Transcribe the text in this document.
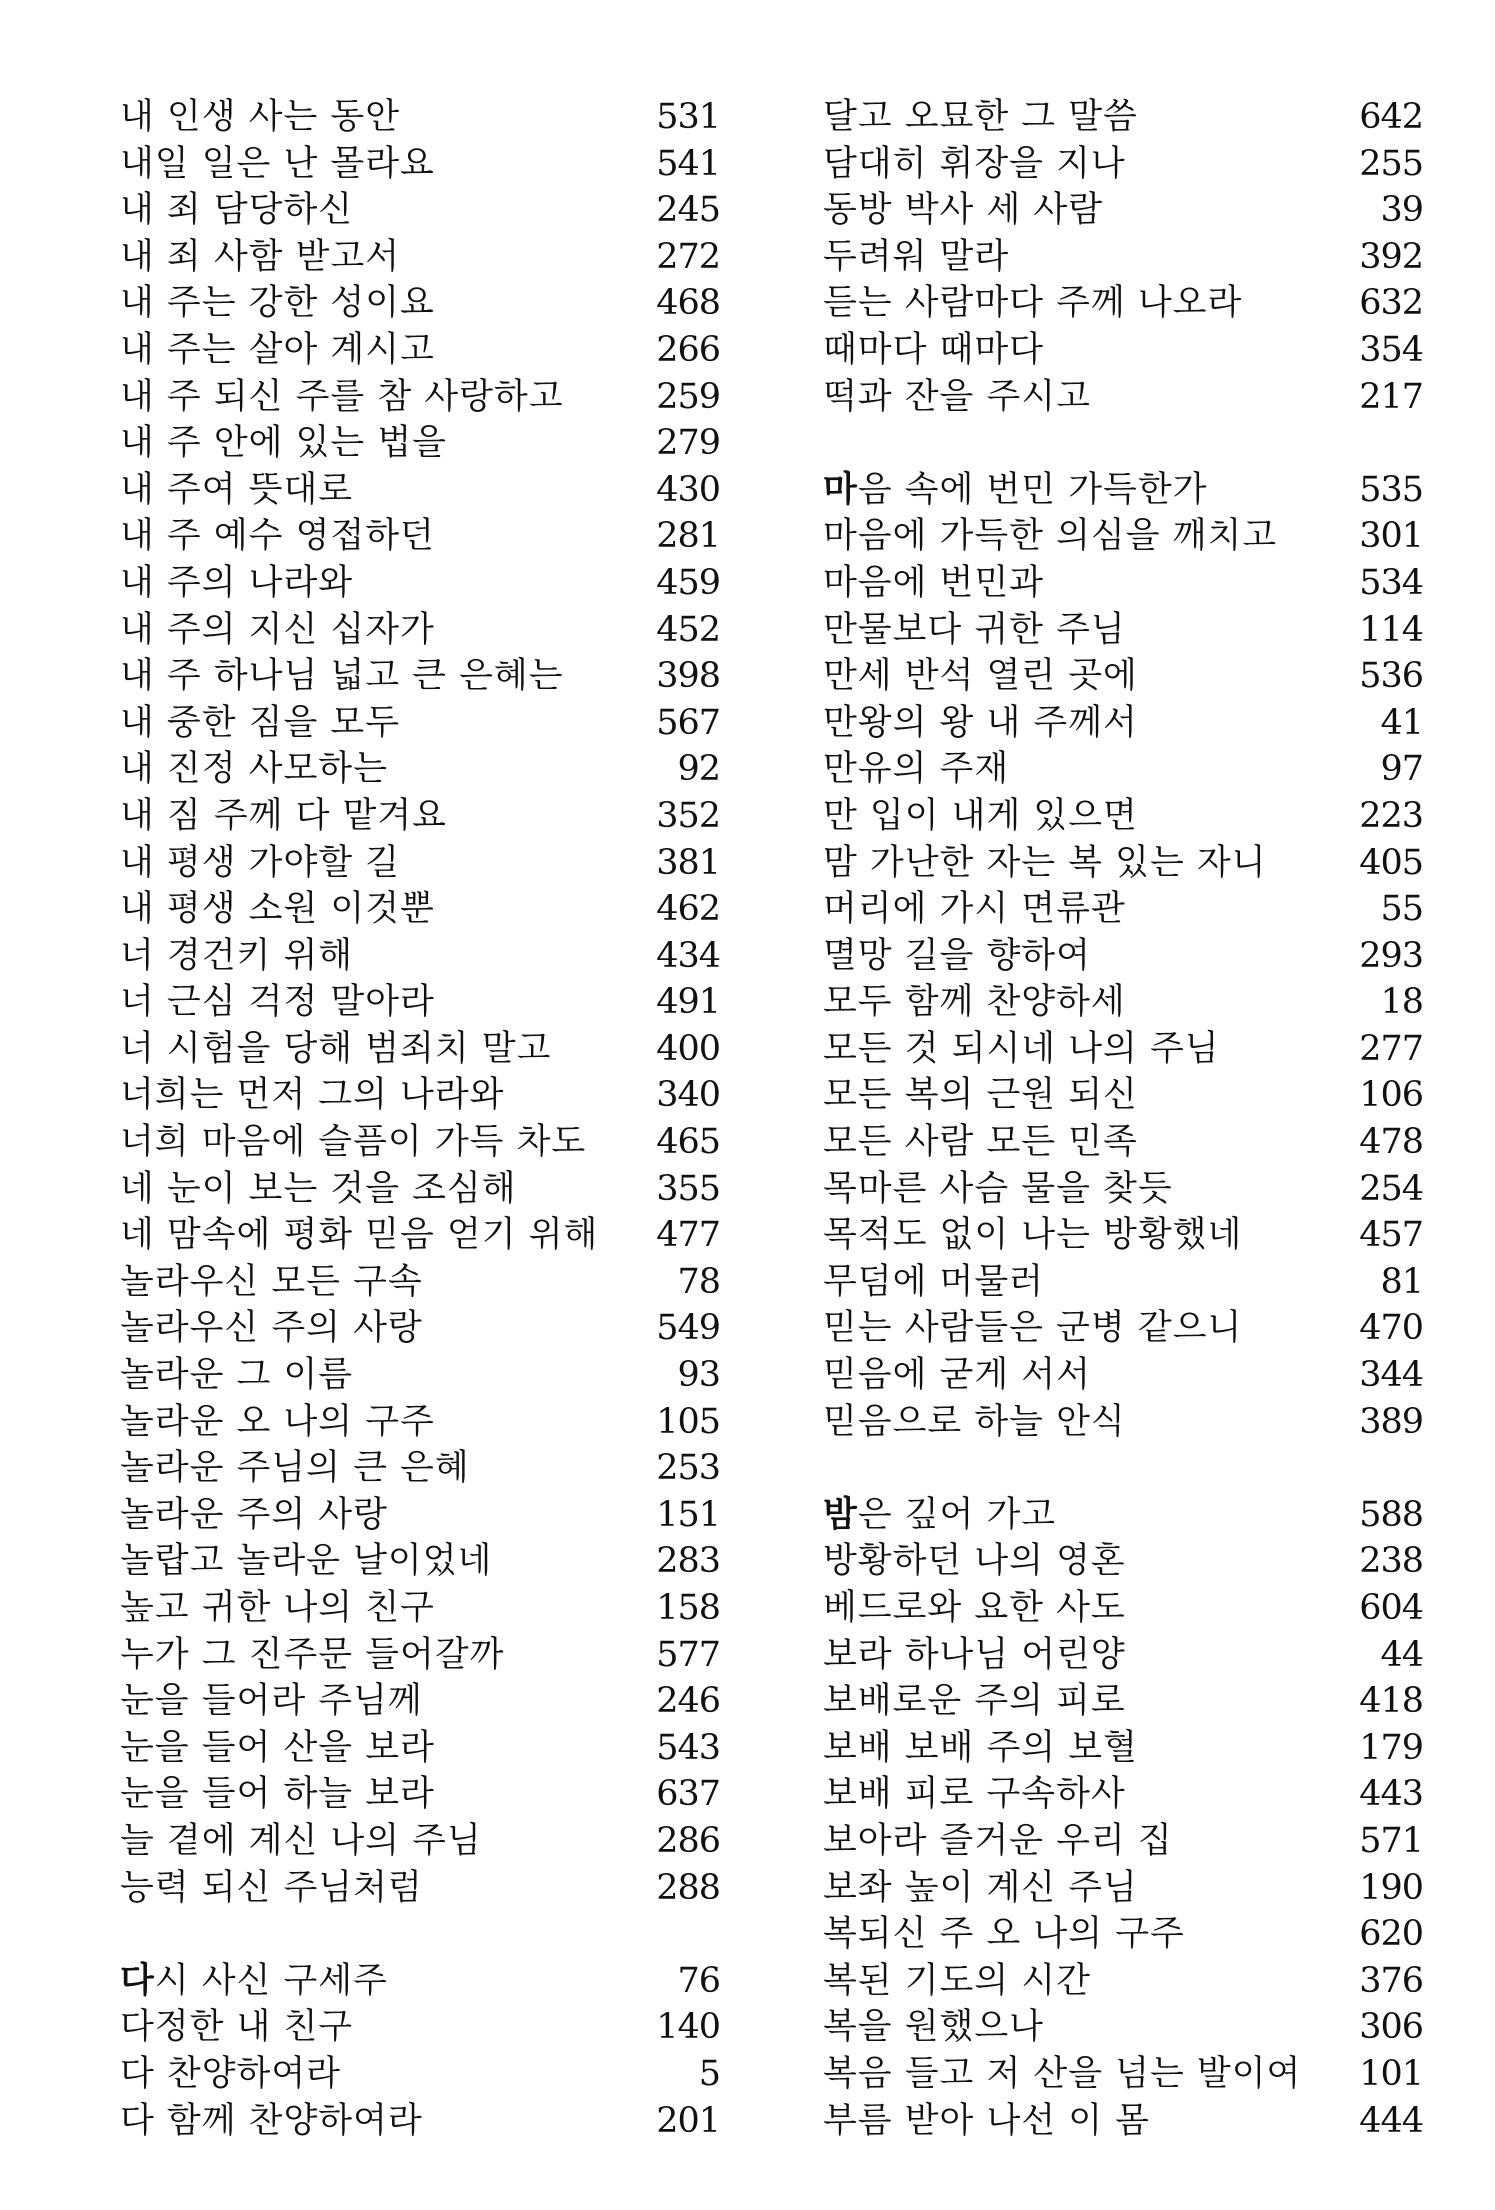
내 인생 사는 동안	531
내일 일은 난 몰라요	541
내 죄 담당하신	245
내 죄 사함 받고서	272
내 주는 강한 성이요	468
내 주는 살아 계시고	266
내 주 되신 주를 참 사랑하고	259
내 주 안에 있는 법을	279
내 주여 뜻대로	430
내 주 예수 영접하던	281
내 주의 나라와	459
내 주의 지신 십자가	452
내 주 하나님 넓고 큰 은혜는	398
내 중한 짐을 모두	567
내 진정 사모하는	92
내 짐 주께 다 맡겨요	352
내 평생 가야할 길	381
내 평생 소원 이것뿐	462
너 경건키 위해	434
너 근심 걱정 말아라	491
너 시험을 당해 범죄치 말고	400
너희는 먼저 그의 나라와	340
너희 마음에 슬픔이 가득 차도 465
네 눈이 보는 것을 조심해	355
네 맘속에 평화 믿음 얻기 위해 477
놀라우신 모든 구속	78
놀라우신 주의 사랑	549
놀라운 그 이름	93
놀라운 오 나의 구주	105
놀라운 주님의 큰 은혜	253
놀라운 주의 사랑	151
놀랍고 놀라운 날이었네	283
높고 귀한 나의 친구	158
누가 그 진주문 들어갈까	577
눈을 들어라 주님께	246
눈을 들어 산을 보라	543
눈을 들어 하늘 보라	637
늘 곁에 계신 나의 주님	286
능력 되신 주님처럼	288
다시 사신 구세주	76
다정한 내 친구	140
다 찬양하여라	5
다 함께 찬양하여라	201
달고 오묘한 그 말씀	642
담대히 휘장을 지나	255
동방 박사 세 사람	39
두려워 말라	392
듣는 사람마다 주께 나오라	632
때마다 때마다	354
떡과 잔을 주시고	217
마음 속에 번민 가득한가	535
마음에 가득한 의심을 깨치고 301
마음에 번민과	534
만물보다 귀한 주님	114
만세 반석 열린 곳에	536
만왕의 왕 내 주께서	41
만유의 주재	97
만 입이 내게 있으면	223
맘 가난한 자는 복 있는 자니	405
머리에 가시 면류관	55
멸망 길을 향하여	293
모두 함께 찬양하세	18
모든 것 되시네 나의 주님	277
모든 복의 근원 되신	106
모든 사람 모든 민족	478
목마른 사슴 물을 찾듯	254
목적도 없이 나는 방황했네	457
무덤에 머물러	81
믿는 사람들은 군병 같으니	470
믿음에 굳게 서서	344
믿음으로 하늘 안식	389
밤은 깊어 가고	588
방황하던 나의 영혼	238
베드로와 요한 사도	604
보라 하나님 어린양	44
보배로운 주의 피로	418
보배 보배 주의 보혈	179
보배 피로 구속하사	443
보아라 즐거운 우리 집	571
보좌 높이 계신 주님	190
복되신 주 오 나의 구주	620
복된 기도의 시간	376
복을 원했으나	306
복음 들고 저 산을 넘는 발이여 101
부름 받아 나선 이 몸	444
